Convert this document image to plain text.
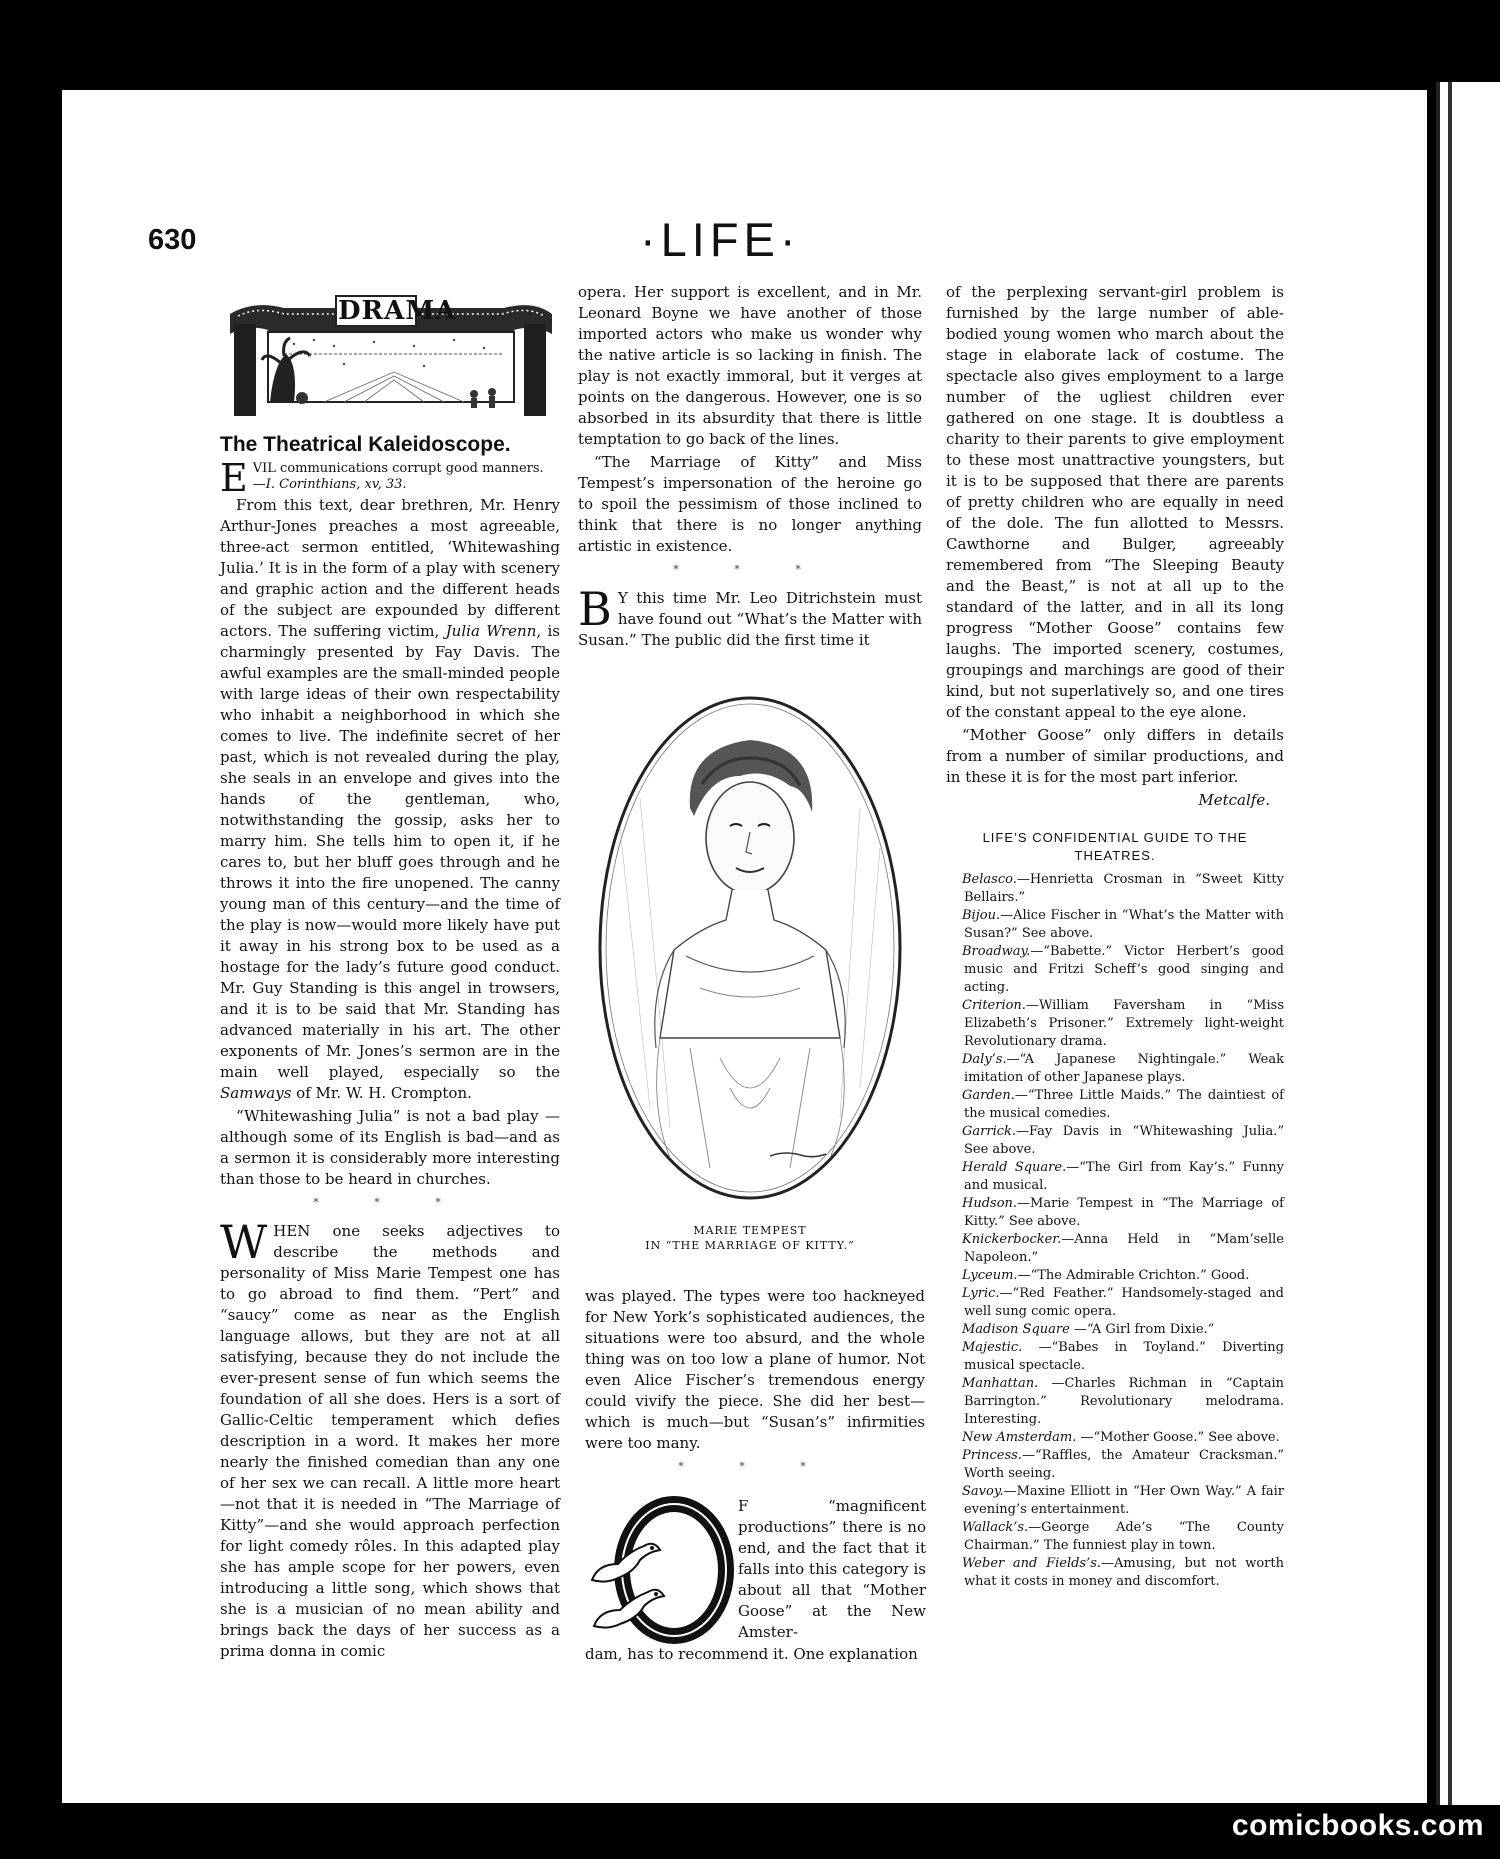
630	·LIFE·
DRAMA
The Theatrical Kaleidoscope.
E VIL communications corrupt good manners.
—I. Corinthians, xv, 33.

From this text, dear brethren, Mr. Henry Arthur-Jones preaches a most agreeable, three-act sermon entitled, ‘Whitewashing Julia.’ It is in the form of a play with scenery and graphic action and the different heads of the subject are expounded by different actors. The suffering victim, Julia Wrenn, is charmingly presented by Fay Davis. The awful examples are the small-minded people with large ideas of their own respectability who inhabit a neighborhood in which she comes to live. The indefinite secret of her past, which is not revealed during the play, she seals in an envelope and gives into the hands of the gentleman, who, notwithstanding the gossip, asks her to marry him. She tells him to open it, if he cares to, but her bluff goes through and he throws it into the fire unopened. The canny young man of this century—and the time of the play is now—would more likely have put it away in his strong box to be used as a hostage for the lady’s future good conduct. Mr. Guy Standing is this angel in trowsers, and it is to be said that Mr. Standing has advanced materially in his art. The other exponents of Mr. Jones’s sermon are in the main well played, especially so the Samways of Mr. W. H. Crompton.

“Whitewashing Julia” is not a bad play —although some of its English is bad—and as a sermon it is considerably more interesting than those to be heard in churches.

* * *

WHEN one seeks adjectives to describe the methods and personality of Miss Marie Tempest one has to go abroad to find them. “Pert” and “saucy” come as near as the English language allows, but they are not at all satisfying, because they do not include the ever-present sense of fun which seems the foundation of all she does. Hers is a sort of Gallic-Celtic temperament which defies description in a word. It makes her more nearly the finished comedian than any one of her sex we can recall. A little more heart—not that it is needed in “The Marriage of Kitty”—and she would approach perfection for light comedy rôles. In this adapted play she has ample scope for her powers, even introducing a little song, which shows that she is a musician of no mean ability and brings back the days of her success as a prima donna in comic

opera. Her support is excellent, and in Mr. Leonard Boyne we have another of those imported actors who make us wonder why the native article is so lacking in finish. The play is not exactly immoral, but it verges at points on the dangerous. However, one is so absorbed in its absurdity that there is little temptation to go back of the lines.

“The Marriage of Kitty” and Miss Tempest’s impersonation of the heroine go to spoil the pessimism of those inclined to think that there is no longer anything artistic in existence.

* * *

B Y this time Mr. Leo Ditrichstein must have found out “What’s the Matter with Susan.” The public did the first time it

MARIE TEMPEST
IN “THE MARRIAGE OF KITTY.”

was played. The types were too hackneyed for New York’s sophisticated audiences, the situations were too absurd, and the whole thing was on too low a plane of humor. Not even Alice Fischer’s tremendous energy could vivify the piece. She did her best—which is much—but “Susan’s” infirmities were too many.

* * *

F “magnificent productions” there is no end, and the fact that it falls into this category is about all that “Mother Goose” at the New Amster-

dam, has to recommend it. One explanation

of the perplexing servant-girl problem is furnished by the large number of able-bodied young women who march about the stage in elaborate lack of costume. The spectacle also gives employment to a large number of the ugliest children ever gathered on one stage. It is doubtless a charity to their parents to give employment to these most unattractive youngsters, but it is to be supposed that there are parents of pretty children who are equally in need of the dole. The fun allotted to Messrs. Cawthorne and Bulger, agreeably remembered from “The Sleeping Beauty and the Beast,” is not at all up to the standard of the latter, and in all its long progress “Mother Goose” contains few laughs. The imported scenery, costumes, groupings and marchings are good of their kind, but not superlatively so, and one tires of the constant appeal to the eye alone.

“Mother Goose” only differs in details from a number of similar productions, and in these it is for the most part inferior.

Metcalfe.

LIFE’S CONFIDENTIAL GUIDE TO THE
THEATRES.

Belasco.—Henrietta Crosman in “Sweet Kitty Bellairs.”

Bijou.—Alice Fischer in “What’s the Matter with Susan?” See above.

Broadway.—“Babette.” Victor Herbert’s good music and Fritzi Scheff’s good singing and acting.

Criterion.—William Faversham in “Miss Elizabeth’s Prisoner.” Extremely light-weight Revolutionary drama.

Daly’s.—“A Japanese Nightingale.” Weak imitation of other Japanese plays.

Garden.—“Three Little Maids.” The daintiest of the musical comedies.

Garrick.—Fay Davis in “Whitewashing Julia.” See above.

Herald Square.—“The Girl from Kay’s.” Funny and musical.

Hudson.—Marie Tempest in “The Marriage of Kitty.” See above.

Knickerbocker.—Anna Held in “Mam’selle Napoleon.”

Lyceum.—“The Admirable Crichton.” Good.

Lyric.—“Red Feather.” Handsomely-staged and well sung comic opera.

Madison Square —“A Girl from Dixie.”

Majestic. —“Babes in Toyland.” Diverting musical spectacle.

Manhattan. —Charles Richman in “Captain Barrington.” Revolutionary melodrama. Interesting.

New Amsterdam. —“Mother Goose.” See above.

Princess.—“Raffles, the Amateur Cracksman.” Worth seeing.

Savoy.—Maxine Elliott in “Her Own Way.” A fair evening’s entertainment.

Wallack’s.—George Ade’s “The County Chairman.” The funniest play in town.

Weber and Fields’s.—Amusing, but not worth what it costs in money and discomfort.

comicbooks.com
